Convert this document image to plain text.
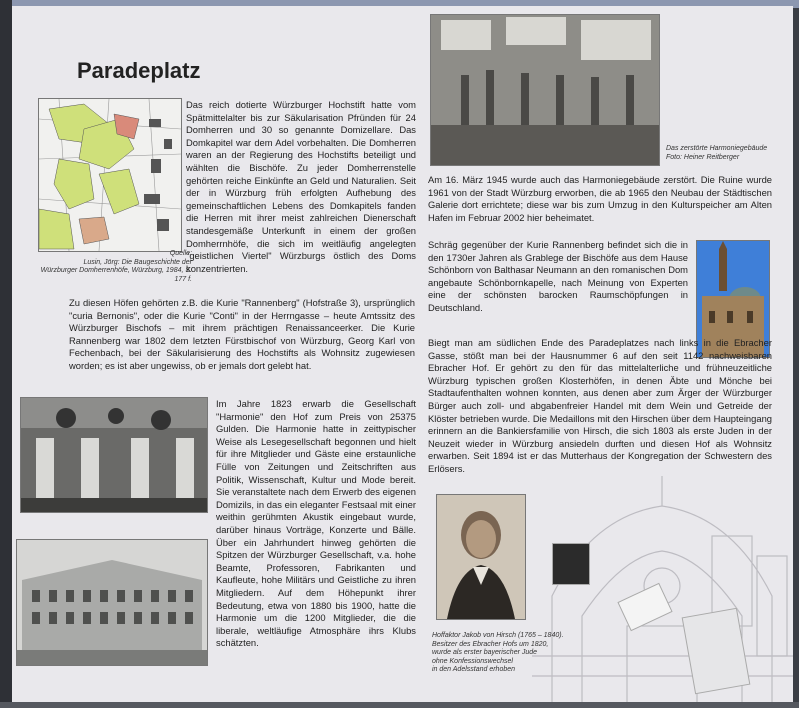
Paradeplatz

Quelle:
Lusin, Jörg: Die Baugeschichte der
Würzburger Domherrenhöfe, Würzburg, 1984, S. 177 f.

Das reich dotierte Würzburger Hochstift hatte vom Spätmittelalter bis zur Säkularisation Pfründen für 24 Domherren und 30 so genannte Domizellare. Das Domkapitel war dem Adel vorbehalten. Die Domherren waren an der Regierung des Hochstifts beteiligt und wählten die Bischöfe. Zu jeder Domherrenstelle gehörten reiche Einkünfte an Geld und Naturalien. Seit der in Würzburg früh erfolgten Aufhebung des gemeinschaftlichen Lebens des Domkapitels fanden die Herren mit ihrer meist zahlreichen Dienerschaft standesgemäße Unterkunft in einem der großen Domherrnhöfe, die sich im weitläufig angelegten "geistlichen Viertel" Würzburgs östlich des Doms konzentrierten.

Zu diesen Höfen gehörten z.B. die Kurie "Rannenberg" (Hofstraße 3), ursprünglich "curia Bernonis", oder die Kurie "Conti" in der Herrngasse – heute Amtssitz des Würzburger Bischofs – mit ihrem prächtigen Renaissanceerker. Die Kurie Rannenberg war 1802 dem letzten Fürstbischof von Würzburg, Georg Karl von Fechenbach, bei der Säkularisierung des Hochstifts als Wohnsitz zugewiesen worden; es ist aber ungewiss, ob er jemals dort gelebt hat.

Im Jahre 1823 erwarb die Gesellschaft "Harmonie" den Hof zum Preis von 25375 Gulden. Die Harmonie hatte in zeittypischer Weise als Lesegesellschaft begonnen und hielt für ihre Mitglieder und Gäste eine erstaunliche Fülle von Zeitungen und Zeitschriften aus Politik, Wissenschaft, Kultur und Mode bereit. Sie veranstaltete nach dem Erwerb des eigenen Domizils, in das ein eleganter Festsaal mit einer weithin gerühmten Akustik eingebaut wurde, darüber hinaus Vorträge, Konzerte und Bälle. Über ein Jahrhundert hinweg gehörten die Spitzen der Würzburger Gesellschaft, v.a. hohe Beamte, Professoren, Fabrikanten und Kaufleute, hohe Militärs und Geistliche zu ihren Mitgliedern. Auf dem Höhepunkt ihrer Bedeutung, etwa von 1880 bis 1900, hatte die Harmonie um die 1200 Mitglieder, die die liberale, weltläufige Atmosphäre ihrs Klubs schätzten.

Das zerstörte Harmoniegebäude
Foto: Heiner Reitberger

Am 16. März 1945 wurde auch das Harmoniegebäude zerstört. Die Ruine wurde 1961 von der Stadt Würzburg erworben, die ab 1965 den Neubau der Städtischen Galerie dort errichtete; diese war bis zum Umzug in den Kulturspeicher am Alten Hafen im Februar 2002 hier beheimatet.

Schräg gegenüber der Kurie Rannenberg befindet sich die in den 1730er Jahren als Grablege der Bischöfe aus dem Hause Schönborn von Balthasar Neumann an den romanischen Dom angebaute Schönbornkapelle, nach Meinung von Experten eine der schönsten barocken Raumschöpfungen in Deutschland.

Biegt man am südlichen Ende des Paradeplatzes nach links in die Ebracher Gasse, stößt man bei der Hausnummer 6 auf den seit 1142 nachweisbaren Ebracher Hof. Er gehört zu den für das mittelalterliche und frühneuzeitliche Würzburg typischen großen Klosterhöfen, in denen Äbte und Mönche bei Stadtaufenthalten wohnen konnten, aus denen aber zum Ärger der Würzburger Bürger auch zoll- und abgabenfreier Handel mit dem Wein und Getreide der Klöster betrieben wurde. Die Medaillons mit den Hirschen über dem Haupteingang erinnern an die Bankiersfamilie von Hirsch, die sich 1803 als erste Juden in der Neuzeit wieder in Würzburg ansiedeln durften und diesen Hof als Wohnsitz erwarben. Seit 1894 ist er das Mutterhaus der Kongregation der Schwestern des Erlösers.

Hoffaktor Jakob von Hirsch (1765 – 1840).
Besitzer des Ebracher Hofs um 1820,
wurde als erster bayerischer Jude
ohne Konfessionswechsel
in den Adelsstand erhoben
